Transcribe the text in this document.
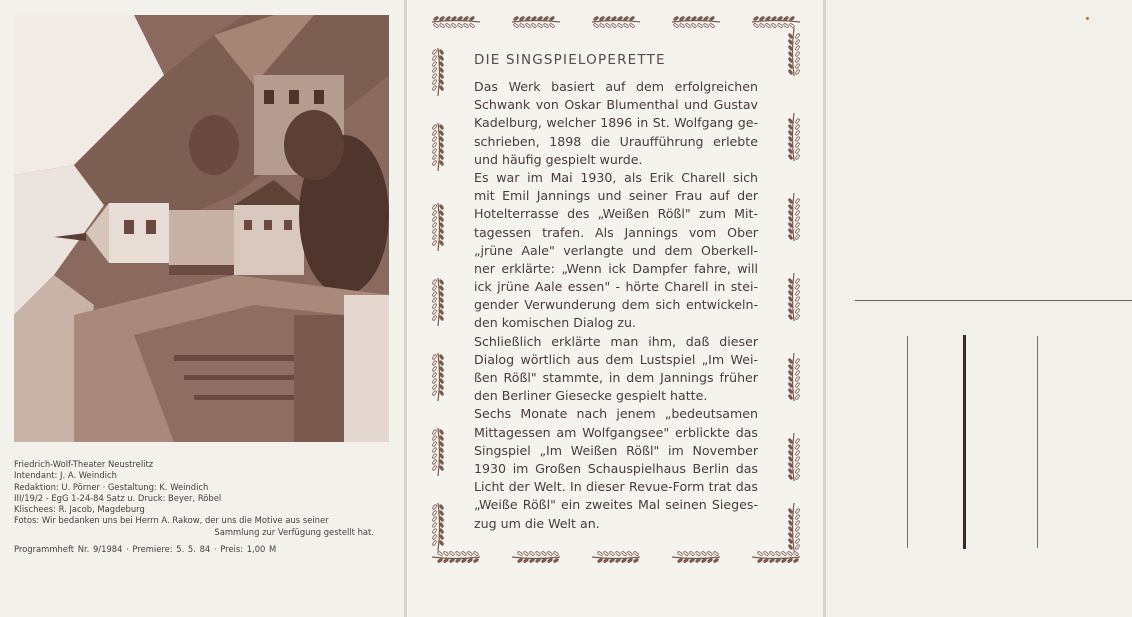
Friedrich-Wolf-Theater Neustrelitz
Intendant: J. A. Weindich
Redaktion: U. Pörner · Gestaltung: K. Weindich
III/19/2 - EgG 1-24-84 Satz u. Druck: Beyer, Röbel
Klischees: R. Jacob, Magdeburg
Fotos: Wir bedanken uns bei Herrn A. Rakow, der uns die Motive aus seiner
Sammlung zur Verfügung gestellt hat.
Programmheft Nr. 9/1984 · Premiere: 5. 5. 84 · Preis: 1,00 M
DIE SINGSPIELOPERETTE
Das Werk basiert auf dem erfolgreichen
Schwank von Oskar Blumenthal und Gustav
Kadelburg, welcher 1896 in St. Wolfgang ge-
schrieben, 1898 die Uraufführung erlebte
und häufig gespielt wurde.
Es war im Mai 1930, als Erik Charell sich
mit Emil Jannings und seiner Frau auf der
Hotelterrasse des „Weißen Rößl" zum Mit-
tagessen trafen. Als Jannings vom Ober
„jrüne Aale" verlangte und dem Oberkell-
ner erklärte: „Wenn ick Dampfer fahre, will
ick jrüne Aale essen" - hörte Charell in stei-
gender Verwunderung dem sich entwickeln-
den komischen Dialog zu.
Schließlich erklärte man ihm, daß dieser
Dialog wörtlich aus dem Lustspiel „Im Wei-
ßen Rößl" stammte, in dem Jannings früher
den Berliner Giesecke gespielt hatte.
Sechs Monate nach jenem „bedeutsamen
Mittagessen am Wolfgangsee" erblickte das
Singspiel „Im Weißen Rößl" im November
1930 im Großen Schauspielhaus Berlin das
Licht der Welt. In dieser Revue-Form trat das
„Weiße Rößl" ein zweites Mal seinen Sieges-
zug um die Welt an.
